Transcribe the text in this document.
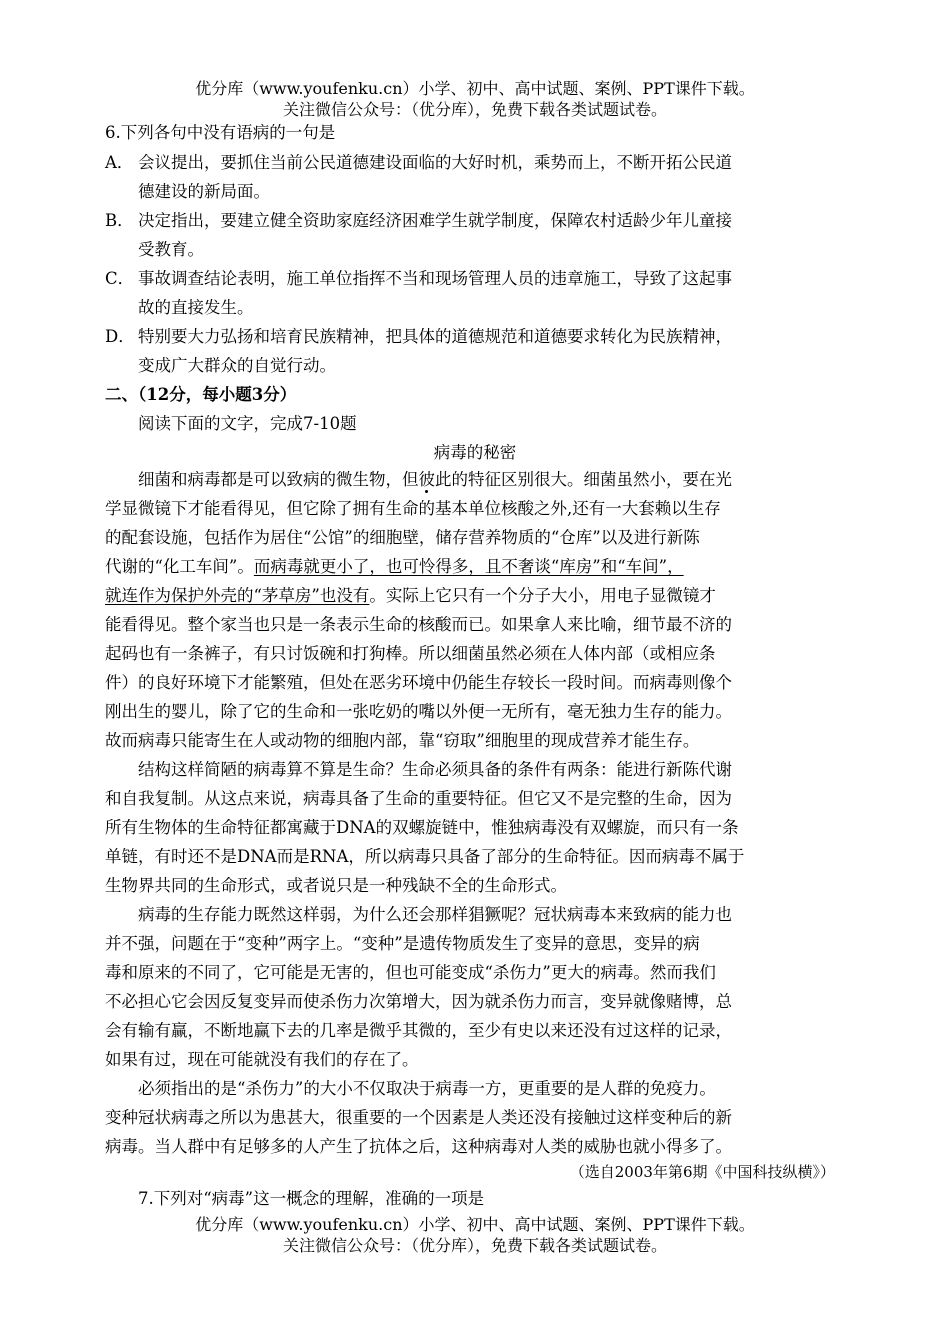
优分库（www.youfenku.cn）小学、初中、高中试题、案例、PPT课件下载。
关注微信公众号：（优分库），免费下载各类试题试卷。
6.下列各句中没有语病的一句是
A． 会议提出，要抓住当前公民道德建设面临的大好时机，乘势而上，不断开拓公民道
德建设的新局面。
B． 决定指出，要建立健全资助家庭经济困难学生就学制度，保障农村适龄少年儿童接
受教育。
C． 事故调查结论表明，施工单位指挥不当和现场管理人员的违章施工，导致了这起事
故的直接发生。
D． 特别要大力弘扬和培育民族精神，把具体的道德规范和道德要求转化为民族精神，
变成广大群众的自觉行动。
二、（12分，每小题3分）
阅读下面的文字，完成7-10题
病毒的秘密
细菌和病毒都是可以致病的微生物，但彼此的特征区别很大。细菌虽然小，要在光
学显微镜下才能看得见，但它除了拥有生命的基本单位核酸之外,还有一大套赖以生存
的配套设施，包括作为居住“公馆”的细胞壁，储存营养物质的“仓库”以及进行新陈
代谢的“化工车间”。而病毒就更小了，也可怜得多，且不奢谈“库房”和“车间”，
就连作为保护外壳的“茅草房”也没有。实际上它只有一个分子大小，用电子显微镜才
能看得见。整个家当也只是一条表示生命的核酸而已。如果拿人来比喻，细节最不济的
起码也有一条裤子，有只讨饭碗和打狗棒。所以细菌虽然必须在人体内部（或相应条
件）的良好环境下才能繁殖，但处在恶劣环境中仍能生存较长一段时间。而病毒则像个
刚出生的婴儿，除了它的生命和一张吃奶的嘴以外便一无所有，毫无独力生存的能力。
故而病毒只能寄生在人或动物的细胞内部，靠“窃取”细胞里的现成营养才能生存。
结构这样简陋的病毒算不算是生命？生命必须具备的条件有两条：能进行新陈代谢
和自我复制。从这点来说，病毒具备了生命的重要特征。但它又不是完整的生命，因为
所有生物体的生命特征都寓藏于DNA的双螺旋链中，惟独病毒没有双螺旋，而只有一条
单链，有时还不是DNA而是RNA，所以病毒只具备了部分的生命特征。因而病毒不属于
生物界共同的生命形式，或者说只是一种残缺不全的生命形式。
病毒的生存能力既然这样弱，为什么还会那样猖獗呢？冠状病毒本来致病的能力也
并不强，问题在于“变种”两字上。“变种”是遗传物质发生了变异的意思，变异的病
毒和原来的不同了，它可能是无害的，但也可能变成“杀伤力”更大的病毒。然而我们
不必担心它会因反复变异而使杀伤力次第增大，因为就杀伤力而言，变异就像赌博，总
会有输有赢，不断地赢下去的几率是微乎其微的，至少有史以来还没有过这样的记录，
如果有过，现在可能就没有我们的存在了。
必须指出的是“杀伤力”的大小不仅取决于病毒一方，更重要的是人群的免疫力。
变种冠状病毒之所以为患甚大，很重要的一个因素是人类还没有接触过这样变种后的新
病毒。当人群中有足够多的人产生了抗体之后，这种病毒对人类的威胁也就小得多了。
（选自2003年第6期《中国科技纵横》）
7.下列对“病毒”这一概念的理解，准确的一项是
优分库（www.youfenku.cn）小学、初中、高中试题、案例、PPT课件下载。
关注微信公众号：（优分库），免费下载各类试题试卷。
